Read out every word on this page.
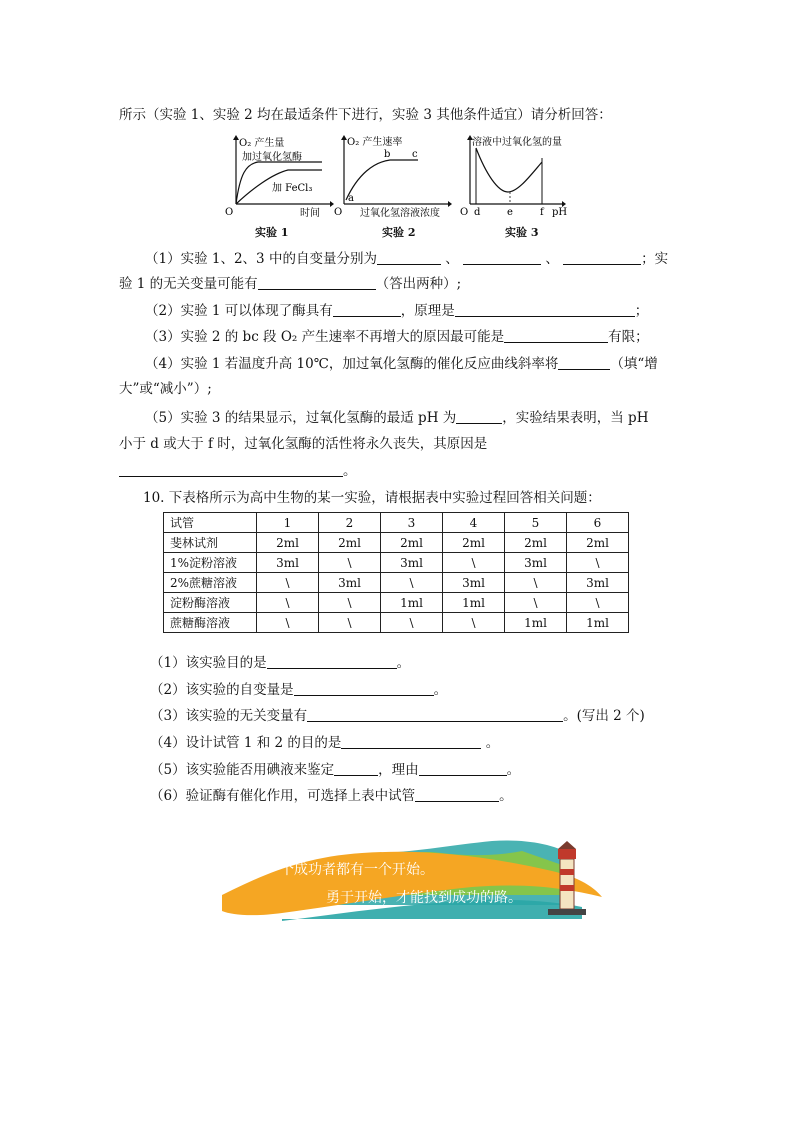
所示（实验 1、实验 2 均在最适条件下进行，实验 3 其他条件适宜）请分析回答：
O₂ 产生量
加过氧化氢酶
加 FeCl₃
O	时间
实验 1
O₂ 产生速率
a
b c
O 过氧化氢溶液浓度
实验 2
溶液中过氧化氢的量
O d	e	f pH
实验 3
（1）实验 1、2、3 中的自变量分别为	、	、	；实
验 1 的无关变量可能有	（答出两种）;
（2）实验 1 可以体现了酶具有	，原理是	；
（3）实验 2 的 bc 段 O₂ 产生速率不再增大的原因最可能是	有限；
（4）实验 1 若温度升高 10℃，加过氧化氢酶的催化反应曲线斜率将	（填“增
大”或“减小”）;
（5）实验 3 的结果显示，过氧化氢酶的最适 pH 为	，实验结果表明，当 pH
小于 d 或大于 f 时，过氧化氢酶的活性将永久丧失，其原因是
。
10. 下表格所示为高中生物的某一实验，请根据表中实验过程回答相关问题：
试管	1	2	3	4	5	6
斐林试剂	2ml	2ml	2ml	2ml	2ml	2ml
1%淀粉溶液	3ml	\	3ml	\	3ml	\
2%蔗糖溶液	\	3ml	\	3ml	\	3ml
淀粉酶溶液	\	\	1ml	1ml	\	\
蔗糖酶溶液	\	\	\	\	1ml	1ml
（1）该实验目的是	。
（2）该实验的自变量是	。
（3）该实验的无关变量有	。(写出 2 个)
（4）设计试管 1 和 2 的目的是	。
（5）该实验能否用碘液来鉴定	，理由	。
（6）验证酶有催化作用，可选择上表中试管	。
每一个成功者都有一个开始。
勇于开始，才能找到成功的路。
